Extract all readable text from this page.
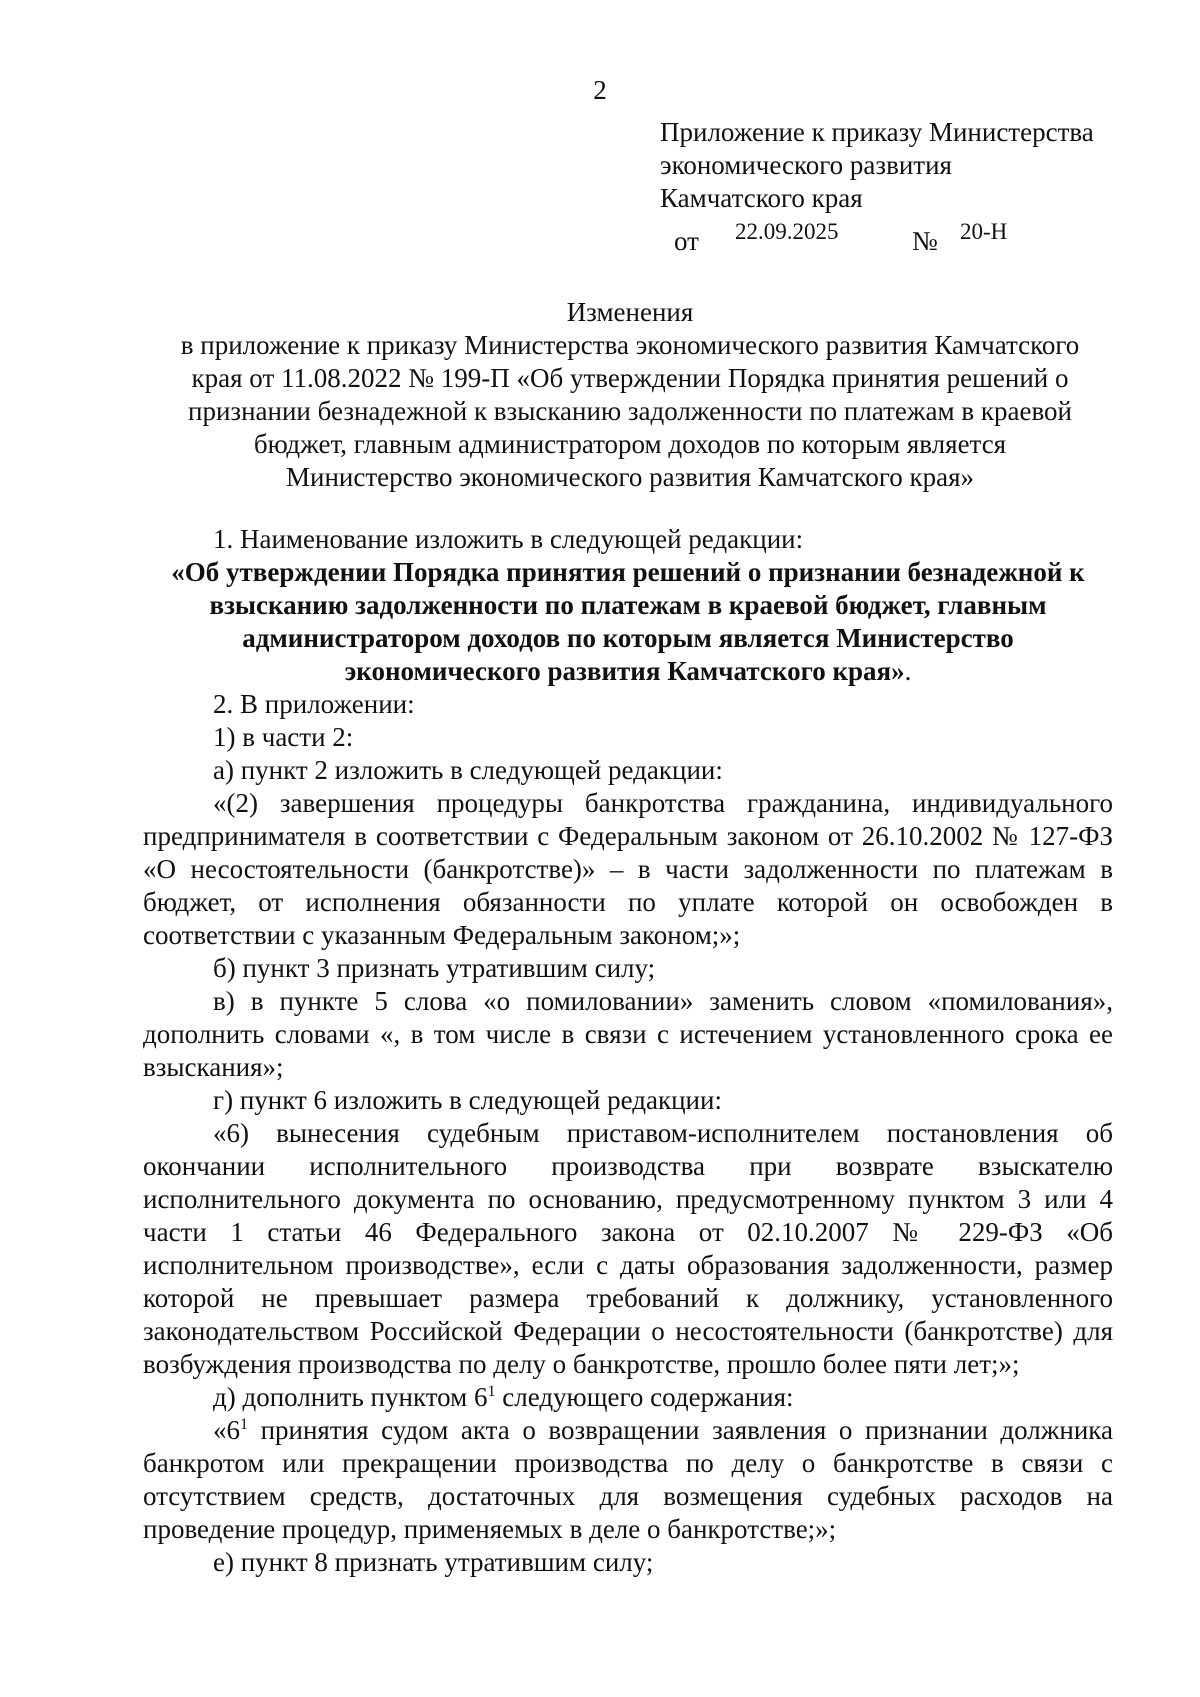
2
Приложение к приказу Министерства
экономического развития
Камчатского края
от 22.09.2025	№ 20-Н
Изменения
в приложение к приказу Министерства экономического развития Камчатского
края от 11.08.2022 № 199-П «Об утверждении Порядка принятия решений о
признании безнадежной к взысканию задолженности по платежам в краевой
бюджет, главным администратором доходов по которым является
Министерство экономического развития Камчатского края»
1. Наименование изложить в следующей редакции:
«Об утверждении Порядка принятия решений о признании безнадежной к
взысканию задолженности по платежам в краевой бюджет, главным
администратором доходов по которым является Министерство
экономического развития Камчатского края».
2. В приложении:
1) в части 2:
а) пункт 2 изложить в следующей редакции:
«(2) завершения процедуры банкротства гражданина, индивидуального предпринимателя в соответствии с Федеральным законом от 26.10.2002 № 127-ФЗ «О несостоятельности (банкротстве)» – в части задолженности по платежам в бюджет, от исполнения обязанности по уплате которой он освобожден в соответствии с указанным Федеральным законом;»;
б) пункт 3 признать утратившим силу;
в) в пункте 5 слова «о помиловании» заменить словом «помилования», дополнить словами «, в том числе в связи с истечением установленного срока ее взыскания»;
г) пункт 6 изложить в следующей редакции:
«6) вынесения судебным приставом-исполнителем постановления об окончании исполнительного производства при возврате взыскателю исполнительного документа по основанию, предусмотренному пунктом 3 или 4 части 1 статьи 46 Федерального закона от 02.10.2007 № 229-ФЗ «Об исполнительном производстве», если с даты образования задолженности, размер которой не превышает размера требований к должнику, установленного законодательством Российской Федерации о несостоятельности (банкротстве) для возбуждения производства по делу о банкротстве, прошло более пяти лет;»;
д) дополнить пунктом $6^1$ следующего содержания:
«$6^1$ принятия судом акта о возвращении заявления о признании должника банкротом или прекращении производства по делу о банкротстве в связи с отсутствием средств, достаточных для возмещения судебных расходов на проведение процедур, применяемых в деле о банкротстве;»;
е) пункт 8 признать утратившим силу;
